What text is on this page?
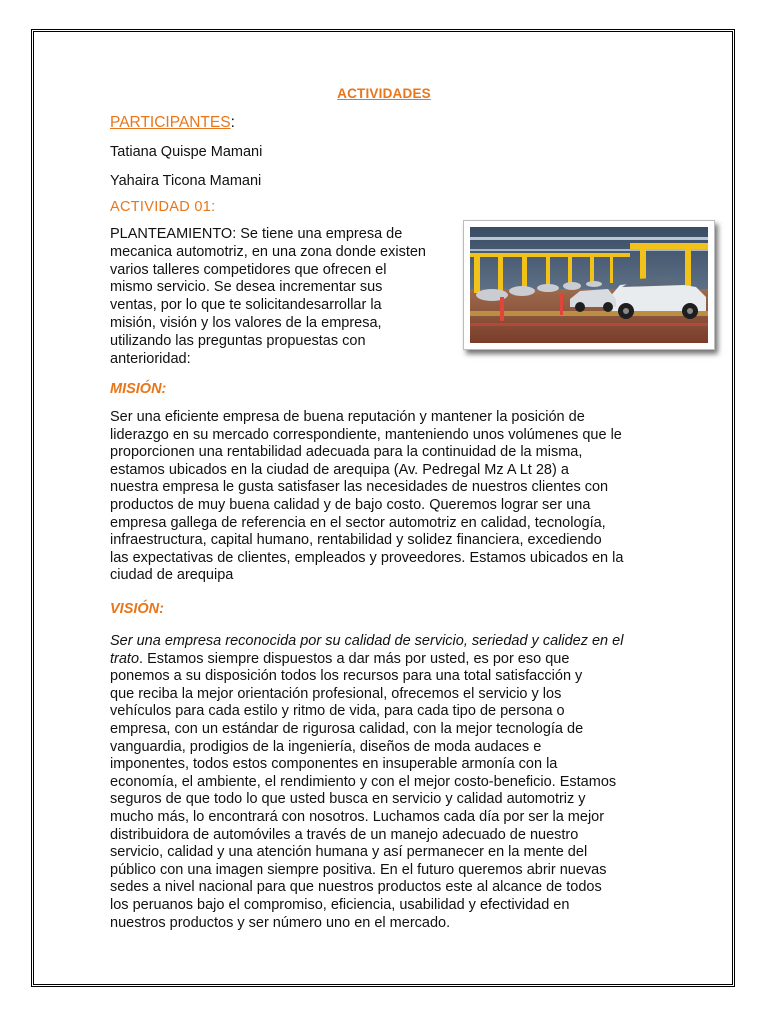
ACTIVIDADES
PARTICIPANTES:
Tatiana Quispe Mamani
Yahaira Ticona Mamani
ACTIVIDAD 01:
PLANTEAMIENTO: Se tiene una empresa de
mecanica automotriz, en una zona donde existen
varios talleres competidores que ofrecen el
mismo servicio. Se desea incrementar sus
ventas, por lo que te solicitandesarrollar la
misión, visión y los valores de la empresa,
utilizando las preguntas propuestas con
anterioridad:
MISIÓN:
Ser una eficiente empresa de buena reputación y mantener la posición de
liderazgo en su mercado correspondiente, manteniendo unos volúmenes que le
proporcionen una rentabilidad adecuada para la continuidad de la misma,
estamos ubicados en la ciudad de arequipa (Av. Pedregal Mz A Lt 28) a
nuestra empresa le gusta satisfaser las necesidades de nuestros clientes con
productos de muy buena calidad y de bajo costo. Queremos lograr ser una
empresa gallega de referencia en el sector automotriz en calidad, tecnología,
infraestructura, capital humano, rentabilidad y solidez financiera, excediendo
las expectativas de clientes, empleados y proveedores. Estamos ubicados en la
ciudad de arequipa
VISIÓN:
Ser una empresa reconocida por su calidad de servicio, seriedad y calidez en el
trato. Estamos siempre dispuestos a dar más por usted, es por eso que
ponemos a su disposición todos los recursos para una total satisfacción y
que reciba la mejor orientación profesional, ofrecemos el servicio y los
vehículos para cada estilo y ritmo de vida, para cada tipo de persona o
empresa, con un estándar de rigurosa calidad, con la mejor tecnología de
vanguardia, prodigios de la ingeniería, diseños de moda audaces e
imponentes, todos estos componentes en insuperable armonía con la
economía, el ambiente, el rendimiento y con el mejor costo-beneficio. Estamos
seguros de que todo lo que usted busca en servicio y calidad automotriz y
mucho más, lo encontrará con nosotros. Luchamos cada día por ser la mejor
distribuidora de automóviles a través de un manejo adecuado de nuestro
servicio, calidad y una atención humana y así permanecer en la mente del
público con una imagen siempre positiva. En el futuro queremos abrir nuevas
sedes a nivel nacional para que nuestros productos este al alcance de todos
los peruanos bajo el compromiso, eficiencia, usabilidad y efectividad en
nuestros productos y ser número uno en el mercado.
